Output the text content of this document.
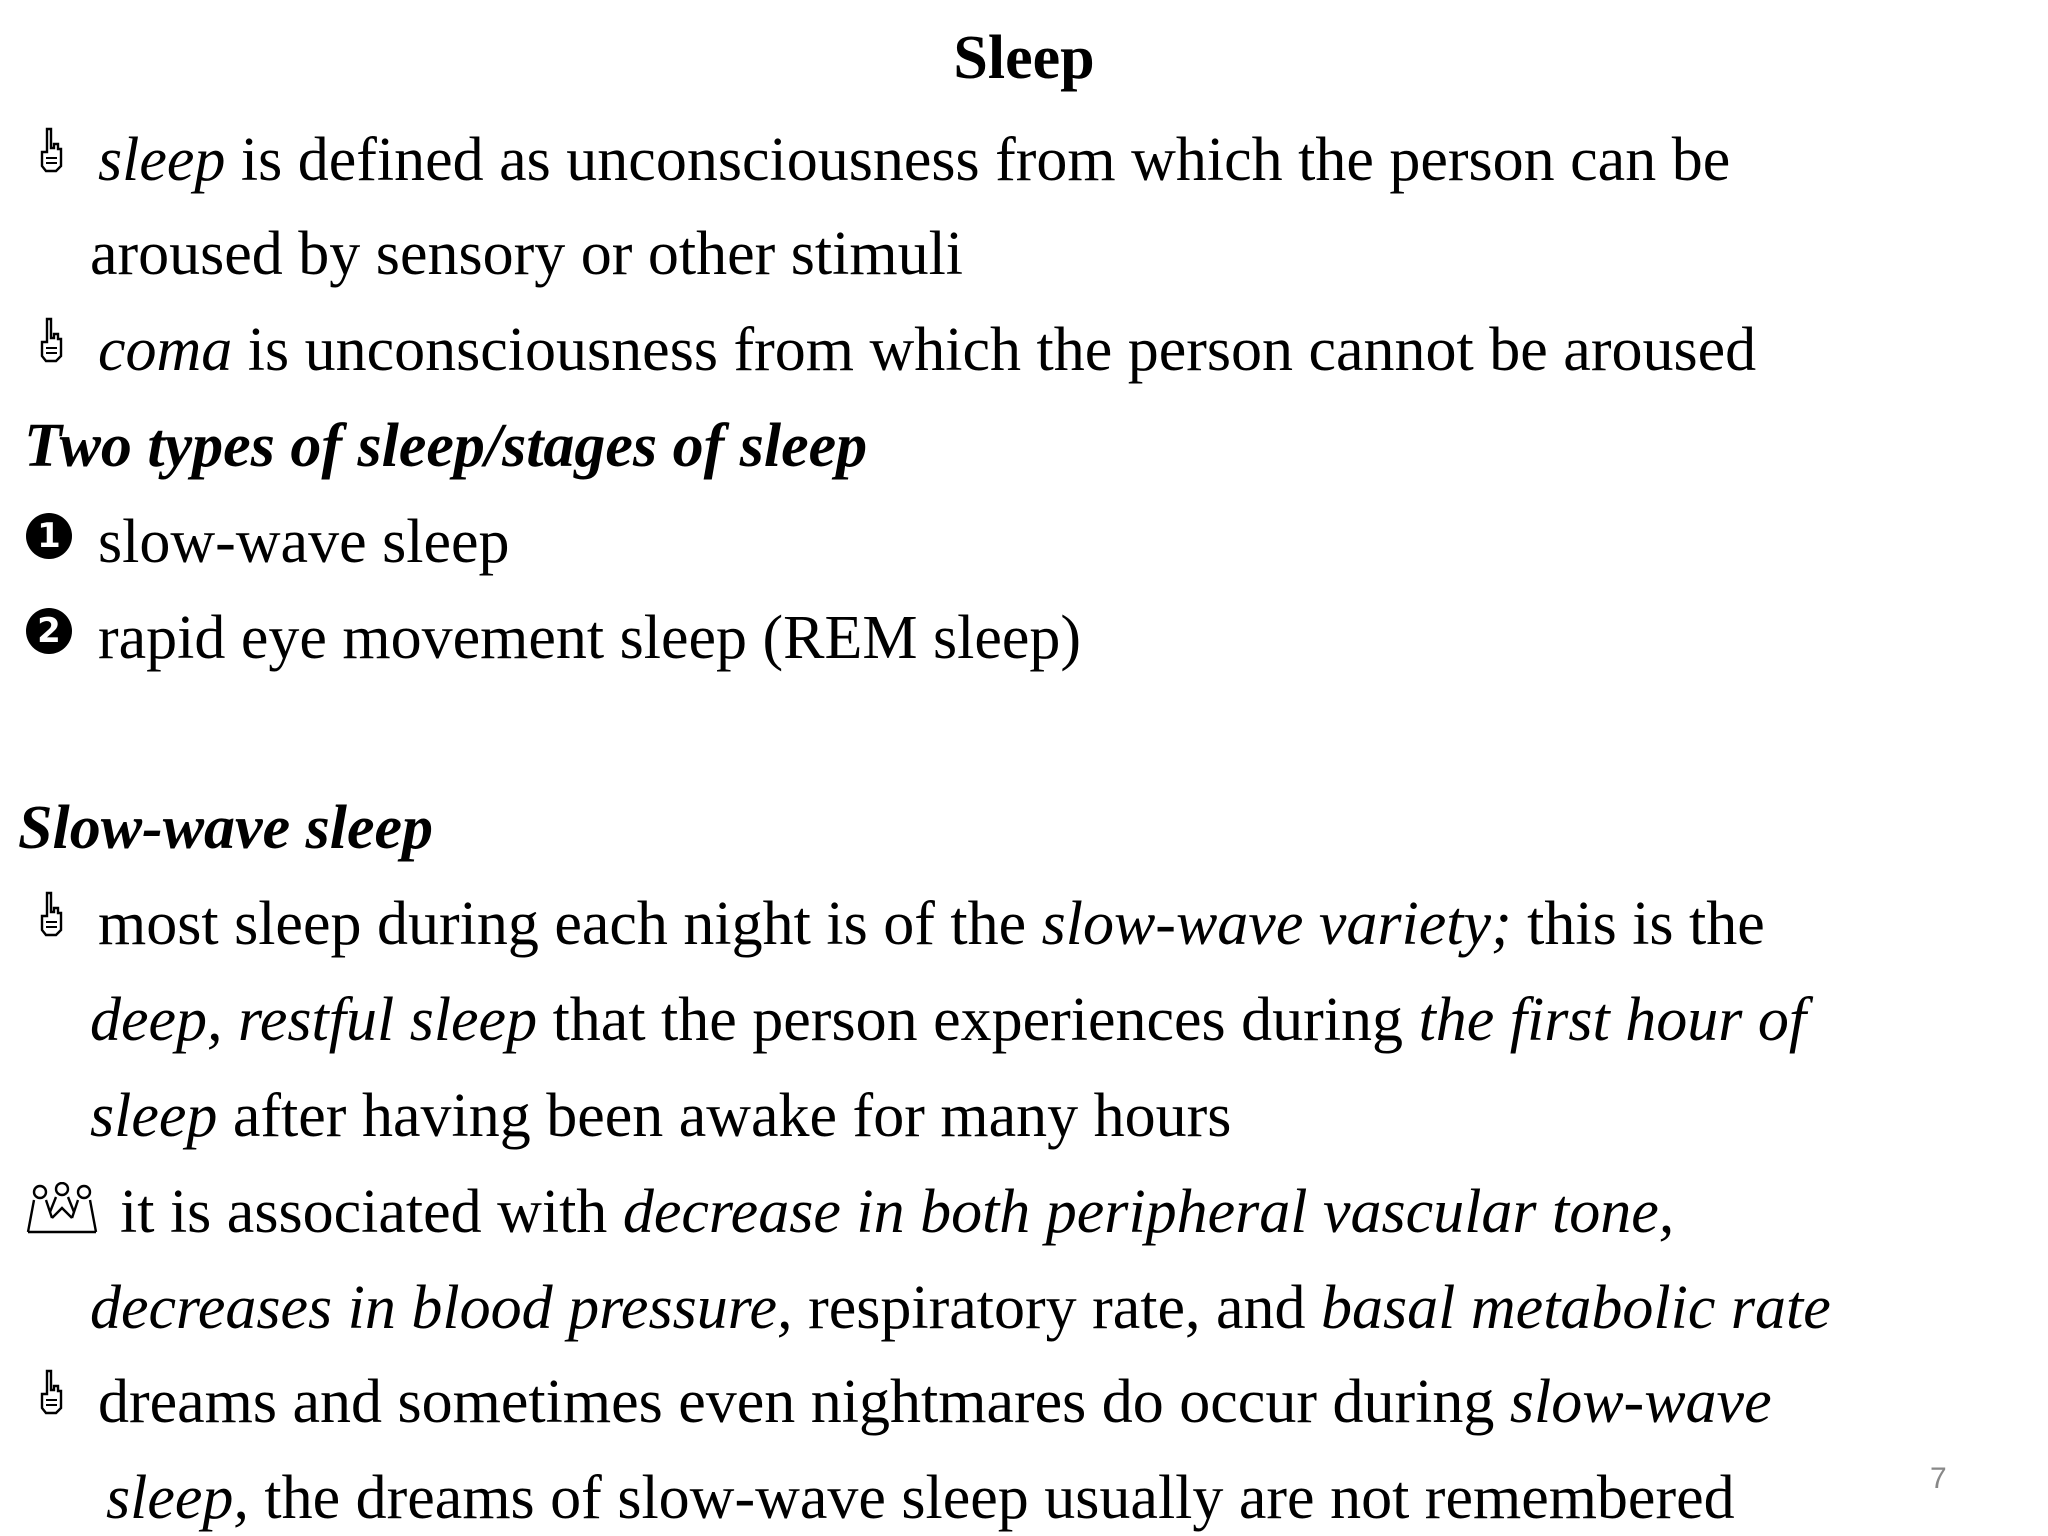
Sleep
sleep is defined as unconsciousness from which the person can be
aroused by sensory or other stimuli
coma is unconsciousness from which the person cannot be aroused
Two types of sleep/stages of sleep
1 slow-wave sleep
2 rapid eye movement sleep (REM sleep)
Slow-wave sleep
most sleep during each night is of the slow-wave variety; this is the
deep, restful sleep that the person experiences during the first hour of
sleep after having been awake for many hours
it is associated with decrease in both peripheral vascular tone,
decreases in blood pressure, respiratory rate, and basal metabolic rate
dreams and sometimes even nightmares do occur during slow-wave
sleep, the dreams of slow-wave sleep usually are not remembered	7
